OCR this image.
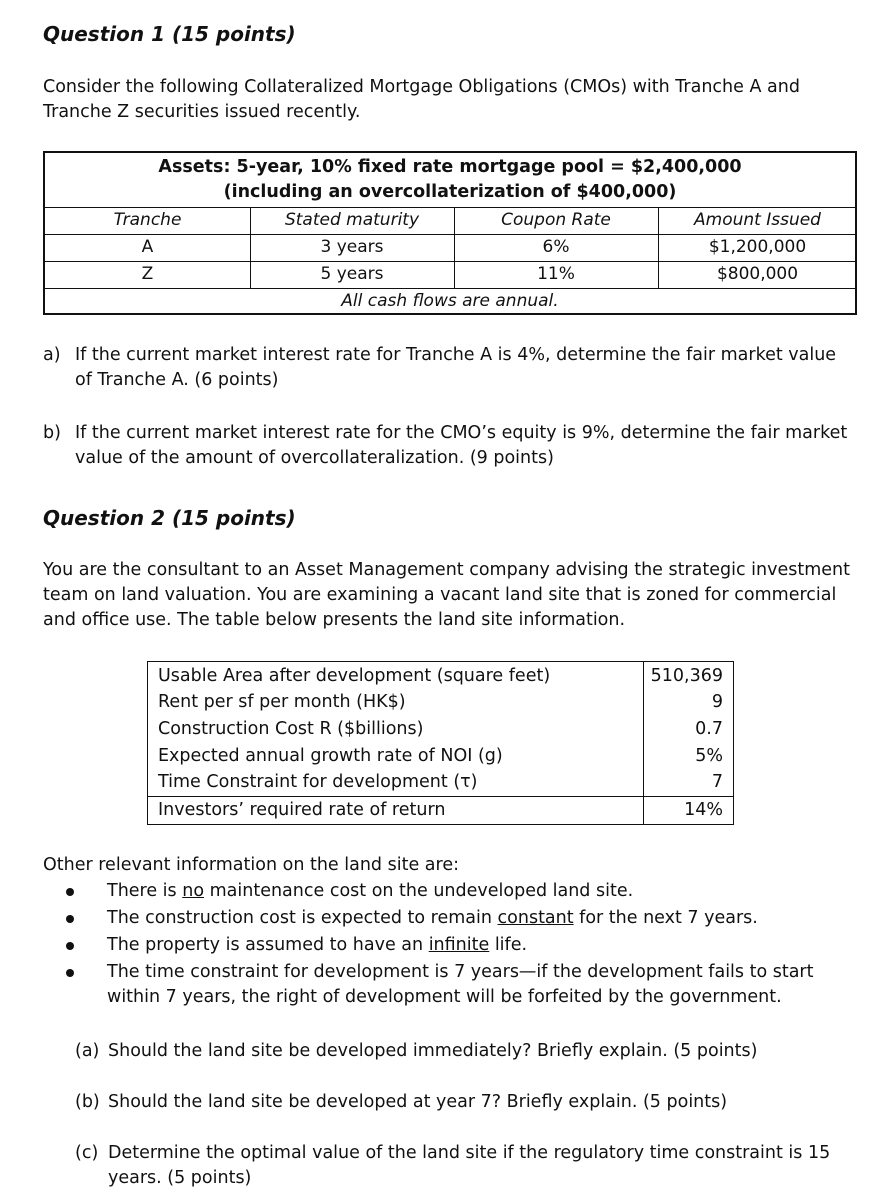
Question 1 (15 points)
Consider the following Collateralized Mortgage Obligations (CMOs) with Tranche A and
Tranche Z securities issued recently.
Assets: 5-year, 10% fixed rate mortgage pool = $2,400,000
(including an overcollaterization of $400,000)
Tranche	Stated maturity	Coupon Rate	Amount Issued
A	3 years	6%	$1,200,000
Z	5 years	11%	$800,000
All cash flows are annual.
a) If the current market interest rate for Tranche A is 4%, determine the fair market value
of Tranche A. (6 points)
b) If the current market interest rate for the CMO’s equity is 9%, determine the fair market
value of the amount of overcollateralization. (9 points)
Question 2 (15 points)
You are the consultant to an Asset Management company advising the strategic investment
team on land valuation. You are examining a vacant land site that is zoned for commercial
and office use. The table below presents the land site information.
Usable Area after development (square feet)	510,369
Rent per sf per month (HK$)	9
Construction Cost R ($billions)	0.7
Expected annual growth rate of NOI (g)	5%
Time Constraint for development (τ)	7
Investors’ required rate of return	14%
Other relevant information on the land site are:
There is no maintenance cost on the undeveloped land site.
The construction cost is expected to remain constant for the next 7 years.
The property is assumed to have an infinite life.
The time constraint for development is 7 years—if the development fails to start
within 7 years, the right of development will be forfeited by the government.
(a) Should the land site be developed immediately? Briefly explain. (5 points)
(b) Should the land site be developed at year 7? Briefly explain. (5 points)
(c) Determine the optimal value of the land site if the regulatory time constraint is 15
years. (5 points)
